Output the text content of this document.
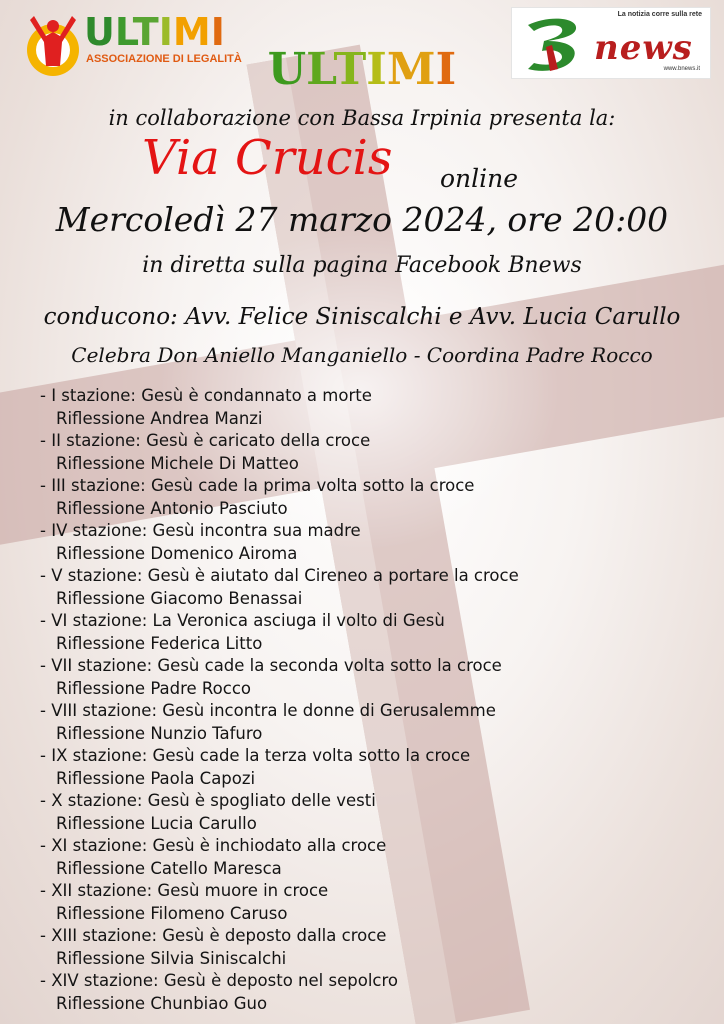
ULTIMI
ASSOCIAZIONE DI LEGALITÀ
La notizia corre sulla rete
news
www.bnews.it
ULTIMI
in collaborazione con Bassa Irpinia presenta la:
Via Crucis online
Mercoledì 27 marzo 2024, ore 20:00
in diretta sulla pagina Facebook Bnews
conducono: Avv. Felice Siniscalchi e Avv. Lucia Carullo
Celebra Don Aniello Manganiello - Coordina Padre Rocco
- I stazione: Gesù è condannato a morte
Riflessione Andrea Manzi
- II stazione: Gesù è caricato della croce
Riflessione Michele Di Matteo
- III stazione: Gesù cade la prima volta sotto la croce
Riflessione Antonio Pasciuto
- IV stazione: Gesù incontra sua madre
Riflessione Domenico Airoma
- V stazione: Gesù è aiutato dal Cireneo a portare la croce
Riflessione Giacomo Benassai
- VI stazione: La Veronica asciuga il volto di Gesù
Riflessione Federica Litto
- VII stazione: Gesù cade la seconda volta sotto la croce
Riflessione Padre Rocco
- VIII stazione: Gesù incontra le donne di Gerusalemme
Riflessione Nunzio Tafuro
- IX stazione: Gesù cade la terza volta sotto la croce
Riflessione Paola Capozi
- X stazione: Gesù è spogliato delle vesti
Riflessione Lucia Carullo
- XI stazione: Gesù è inchiodato alla croce
Riflessione Catello Maresca
- XII stazione: Gesù muore in croce
Riflessione Filomeno Caruso
- XIII stazione: Gesù è deposto dalla croce
Riflessione Silvia Siniscalchi
- XIV stazione: Gesù è deposto nel sepolcro
Riflessione Chunbiao Guo
